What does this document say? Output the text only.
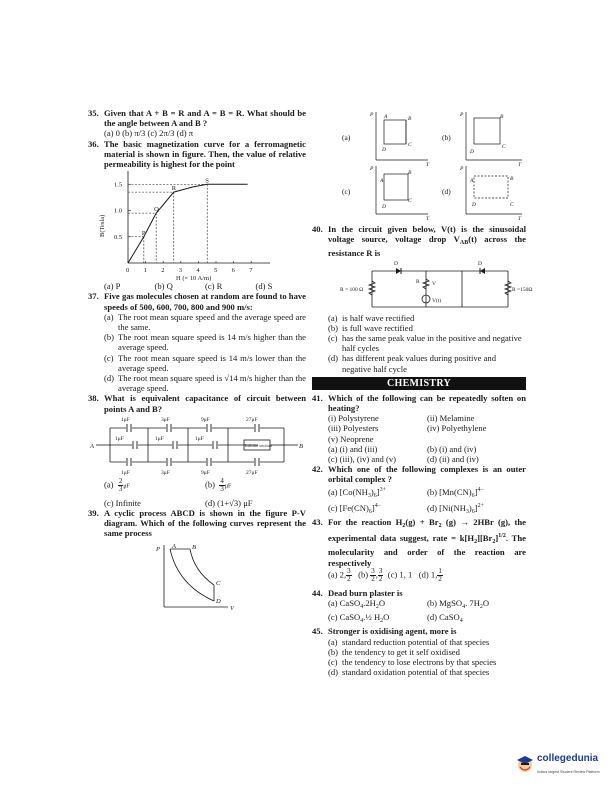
35. Given that A + B = R and A = B = R. What should be the angle between A and B ?
(a) 0 (b) π/3 (c) 2π/3 (d) π
36. The basic magnetization curve for a ferromagnetic material is shown in figure. Then, the value of relative permeability is highest for the point
0 1 2 3 4 5 6 7
0.5
1.0
1.5
P
Q
R
S
H (× 10 A/m)
B(Tesla)
(a) P	(b) Q	(c) R	(d) S
37. Five gas molecules chosen at random are found to have speeds of 500, 600, 700, 800 and 900 m/s:
(a) The root mean square speed and the average speed are the same.
(b) The root mean square speed is 14 m/s higher than the average speed.
(c) The root mean square speed is 14 m/s lower than the average speed.
(d) The root mean square speed is √14 m/s higher than the average speed.
38. What is equivalent capacitance of circuit between points A and B?
1μF	3μF	9μF	27μF
1μF	3μF	9μF	27μF
1μF	1μF	1μF
Infinite section
A	B
$(a) \frac{2}{3}$ μF	$(b) \frac{4}{3}$ μF
(c) Infinite	(d) (1+√3) μF
39. A cyclic process ABCD is shown in the figure P-V diagram. Which of the following curves represent the same process
P
V
A B
C
D
(a)	(b)
(c)	(d)
P
T
A	B
C
D
P
T
B
C
D
P
T
A
B
C
D
P
T
A	B
C
D
40. In the circuit given below, V(t) is the sinusoidal voltage source, voltage drop $V_{AB}(t)$ across the resistance R is
D	D
R = 100 Ω	R =150Ω
R V
V(t)
(a) is half wave rectified
(b) is full wave rectified
(c) has the same peak value in the positive and negative half cycles
(d) has different peak values during positive and negative half cycle
CHEMISTRY
41. Which of the following can be repeatedly soften on heating?
(i) Polystyrene	(ii) Melamine
(iii) Polyesters	(iv) Polyethylene
(v) Neoprene
(a) (i) and (iii)	(b) (i) and (iv)
(c) (iii), (iv) and (v)	(d) (ii) and (iv)
42. Which one of the following complexes is an outer orbital complex ?
(a) $[Co(NH_3)_6]^{3+}$	(b) $[Mn(CN)_6]^{4-}$
(c) $[Fe(CN)_6]^{4-}$	(d) $[Ni(NH_3)_6]^{2+}$
43. For the reaction $H_2(g) + Br_2$ (g) → 2HBr (g), the experimental data suggest, rate = $k[H_2][Br_2]^{1/2}$. The molecularity and order of the reaction are respectively
(a) 2, $\frac{3}{2} (b) \frac{3}{2}$ , $\frac{3}{2} (c)$ 1, 1 (d) 1, $\frac{1}{2}$
44. Dead burn plaster is
(a) $CaSO_4.2H_2O$	(b) MgSO$_4$. $7H_2O$
(c) CaSO$_4$.½ $H_2O$	(d) CaSO$_4$
45. Stronger is oxidising agent, more is
(a) standard reduction potential of that species
(b) the tendency to get it self oxidised
(c) the tendency to lose electrons by that species
(d) standard oxidation potential of that species
collegedunia
India's largest Student Review Platform
